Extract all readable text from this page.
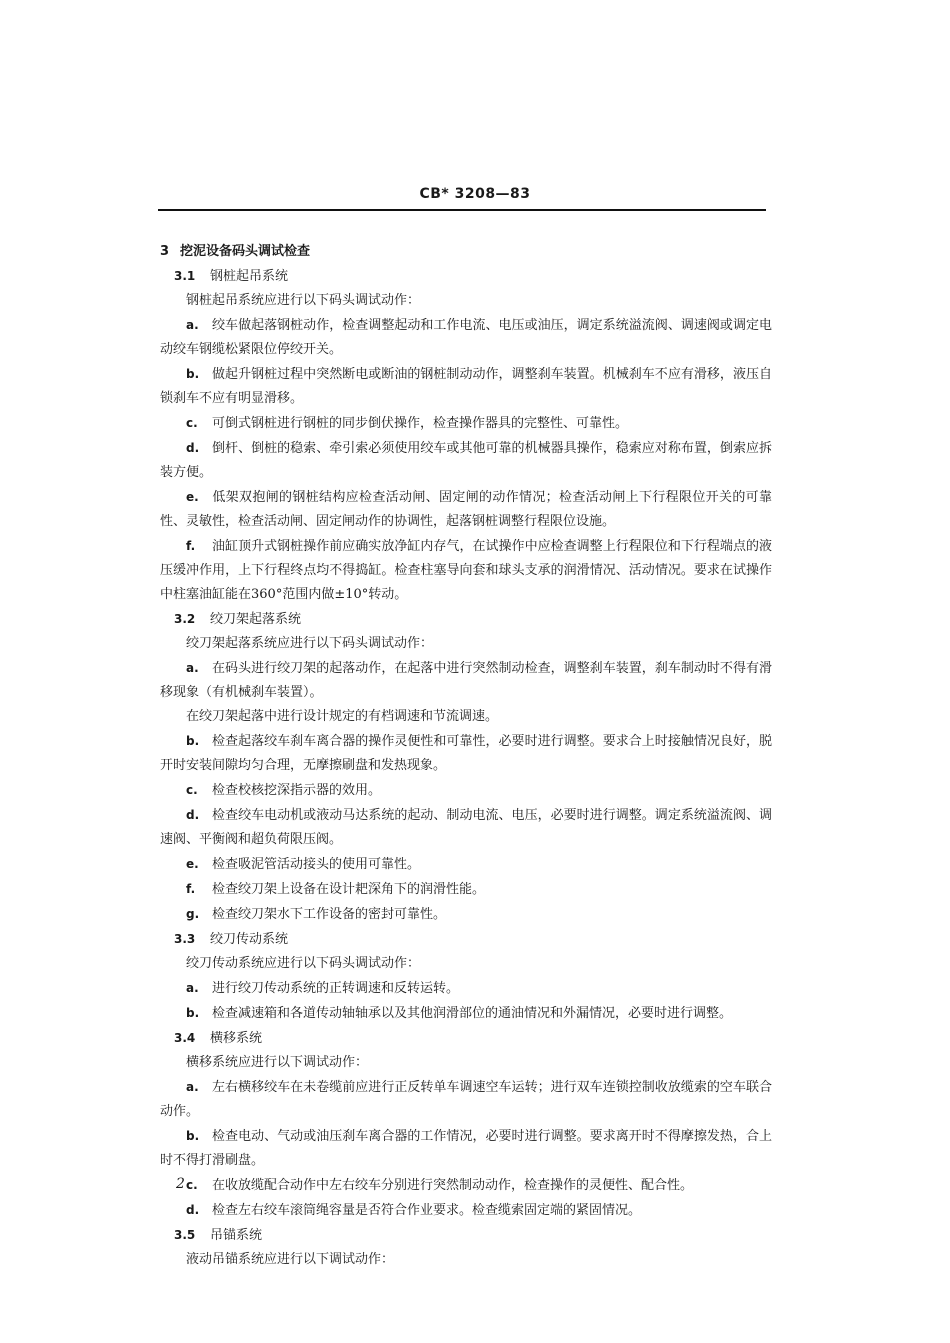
CB* 3208—83

3 挖泥设备码头调试检查

3.1 钢桩起吊系统

钢桩起吊系统应进行以下码头调试动作：

a. 绞车做起落钢桩动作，检查调整起动和工作电流、电压或油压，调定系统溢流阀、调速阀或调定电动绞车钢缆松紧限位停绞开关。

b. 做起升钢桩过程中突然断电或断油的钢桩制动动作，调整刹车装置。机械刹车不应有滑移，液压自锁刹车不应有明显滑移。

c. 可倒式钢桩进行钢桩的同步倒伏操作，检查操作器具的完整性、可靠性。

d. 倒杆、倒桩的稳索、牵引索必须使用绞车或其他可靠的机械器具操作，稳索应对称布置，倒索应拆装方便。

e. 低架双抱闸的钢桩结构应检查活动闸、固定闸的动作情况；检查活动闸上下行程限位开关的可靠性、灵敏性，检查活动闸、固定闸动作的协调性，起落钢桩调整行程限位设施。

f. 油缸顶升式钢桩操作前应确实放净缸内存气，在试操作中应检查调整上行程限位和下行程端点的液压缓冲作用，上下行程终点均不得捣缸。检查柱塞导向套和球头支承的润滑情况、活动情况。要求在试操作中柱塞油缸能在360°范围内做±10°转动。

3.2 绞刀架起落系统

绞刀架起落系统应进行以下码头调试动作：

a. 在码头进行绞刀架的起落动作，在起落中进行突然制动检查，调整刹车装置，刹车制动时不得有滑移现象（有机械刹车装置）。

在绞刀架起落中进行设计规定的有档调速和节流调速。

b. 检查起落绞车刹车离合器的操作灵便性和可靠性，必要时进行调整。要求合上时接触情况良好，脱开时安装间隙均匀合理，无摩擦刷盘和发热现象。

c. 检查校核挖深指示器的效用。

d. 检查绞车电动机或液动马达系统的起动、制动电流、电压，必要时进行调整。调定系统溢流阀、调速阀、平衡阀和超负荷限压阀。

e. 检查吸泥管活动接头的使用可靠性。

f. 检查绞刀架上设备在设计耙深角下的润滑性能。

g. 检查绞刀架水下工作设备的密封可靠性。

3.3 绞刀传动系统

绞刀传动系统应进行以下码头调试动作：

a. 进行绞刀传动系统的正转调速和反转运转。

b. 检查减速箱和各道传动轴轴承以及其他润滑部位的通油情况和外漏情况，必要时进行调整。

3.4 横移系统

横移系统应进行以下调试动作：

a. 左右横移绞车在未卷缆前应进行正反转单车调速空车运转；进行双车连锁控制收放缆索的空车联合动作。

b. 检查电动、气动或油压刹车离合器的工作情况，必要时进行调整。要求离开时不得摩擦发热，合上时不得打滑刷盘。

c. 在收放缆配合动作中左右绞车分别进行突然制动动作，检查操作的灵便性、配合性。

d. 检查左右绞车滚筒绳容量是否符合作业要求。检查缆索固定端的紧固情况。

3.5 吊锚系统

液动吊锚系统应进行以下调试动作：

2
